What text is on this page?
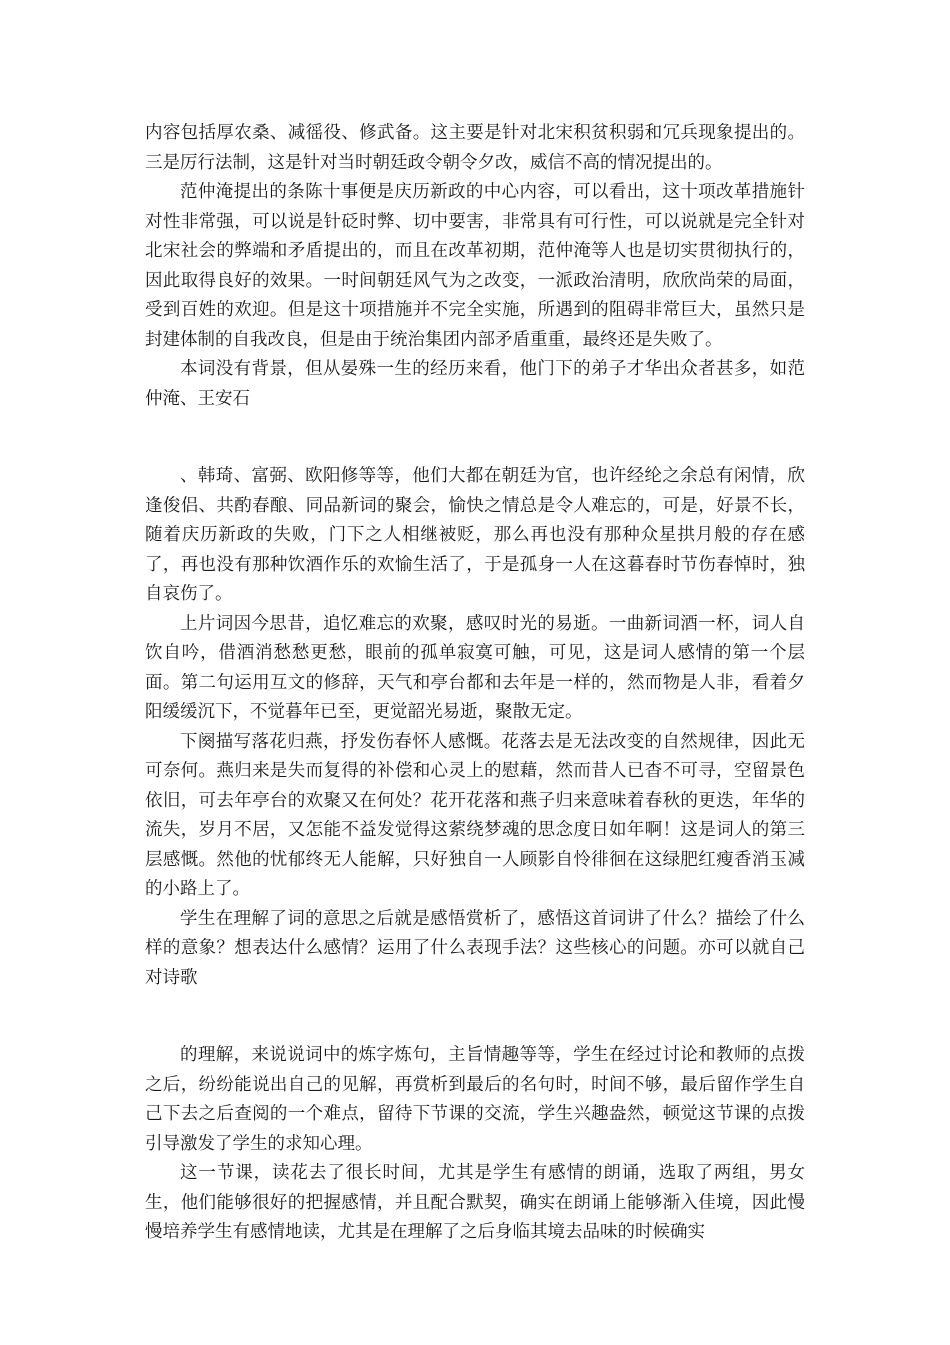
内容包括厚农桑、减徭役、修武备。这主要是针对北宋积贫积弱和冗兵现象提出的。三是厉行法制，这是针对当时朝廷政令朝令夕改，威信不高的情况提出的。

范仲淹提出的条陈十事便是庆历新政的中心内容，可以看出，这十项改革措施针对性非常强，可以说是针砭时弊、切中要害，非常具有可行性，可以说就是完全针对北宋社会的弊端和矛盾提出的，而且在改革初期，范仲淹等人也是切实贯彻执行的，因此取得良好的效果。一时间朝廷风气为之改变，一派政治清明，欣欣尚荣的局面，受到百姓的欢迎。但是这十项措施并不完全实施，所遇到的阻碍非常巨大，虽然只是封建体制的自我改良，但是由于统治集团内部矛盾重重，最终还是失败了。

本词没有背景，但从晏殊一生的经历来看，他门下的弟子才华出众者甚多，如范仲淹、王安石

、韩琦、富弼、欧阳修等等，他们大都在朝廷为官，也许经纶之余总有闲情，欣逢俊侣、共酌春酿、同品新词的聚会，愉快之情总是令人难忘的，可是，好景不长，随着庆历新政的失败，门下之人相继被贬，那么再也没有那种众星拱月般的存在感了，再也没有那种饮酒作乐的欢愉生活了，于是孤身一人在这暮春时节伤春悼时，独自哀伤了。

上片词因今思昔，追忆难忘的欢聚，感叹时光的易逝。一曲新词酒一杯，词人自饮自吟，借酒消愁愁更愁，眼前的孤单寂寞可触，可见，这是词人感情的第一个层面。第二句运用互文的修辞，天气和亭台都和去年是一样的，然而物是人非，看着夕阳缓缓沉下，不觉暮年已至，更觉韶光易逝，聚散无定。

下阕描写落花归燕，抒发伤春怀人感慨。花落去是无法改变的自然规律，因此无可奈何。燕归来是失而复得的补偿和心灵上的慰藉，然而昔人已杳不可寻，空留景色依旧，可去年亭台的欢聚又在何处？花开花落和燕子归来意味着春秋的更迭，年华的流失，岁月不居，又怎能不益发觉得这萦绕梦魂的思念度日如年啊！这是词人的第三层感慨。然他的忧郁终无人能解，只好独自一人顾影自怜徘徊在这绿肥红瘦香消玉减的小路上了。

学生在理解了词的意思之后就是感悟赏析了，感悟这首词讲了什么？描绘了什么样的意象？想表达什么感情？运用了什么表现手法？这些核心的问题。亦可以就自己对诗歌

的理解，来说说词中的炼字炼句，主旨情趣等等，学生在经过讨论和教师的点拨之后，纷纷能说出自己的见解，再赏析到最后的名句时，时间不够，最后留作学生自己下去之后查阅的一个难点，留待下节课的交流，学生兴趣盎然，顿觉这节课的点拨引导激发了学生的求知心理。

这一节课，读花去了很长时间，尤其是学生有感情的朗诵，选取了两组，男女生，他们能够很好的把握感情，并且配合默契，确实在朗诵上能够渐入佳境，因此慢慢培养学生有感情地读，尤其是在理解了之后身临其境去品味的时候确实
